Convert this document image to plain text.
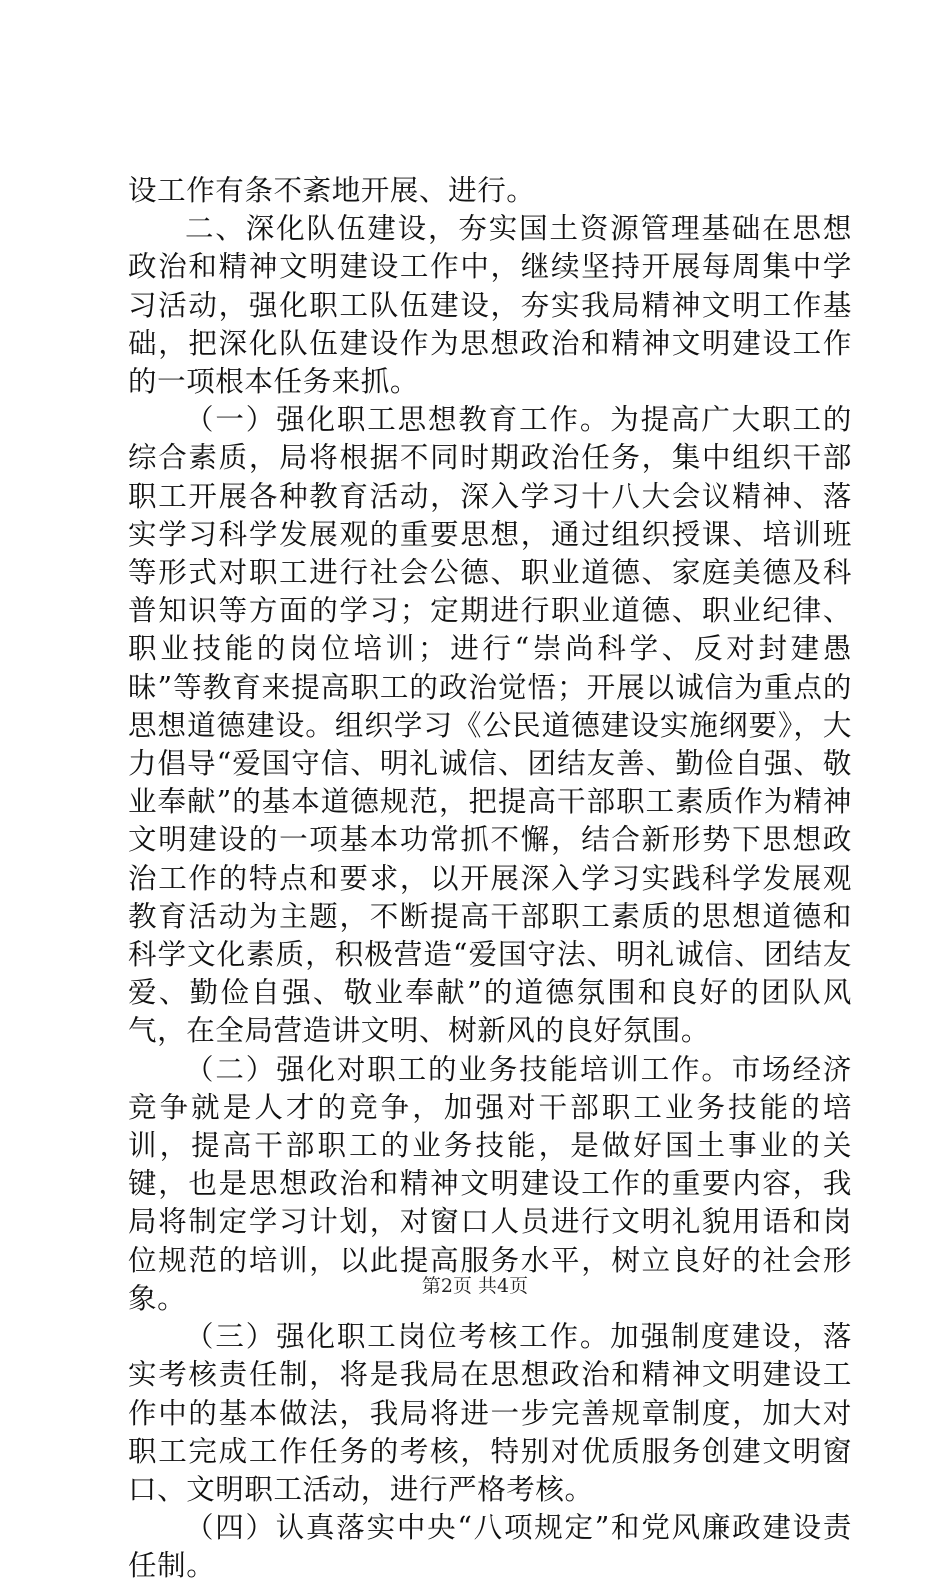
设工作有条不紊地开展、进行。

二、深化队伍建设，夯实国土资源管理基础在思想政治和精神文明建设工作中，继续坚持开展每周集中学习活动，强化职工队伍建设，夯实我局精神文明工作基础，把深化队伍建设作为思想政治和精神文明建设工作的一项根本任务来抓。

（一）强化职工思想教育工作。为提高广大职工的综合素质，局将根据不同时期政治任务，集中组织干部职工开展各种教育活动，深入学习十八大会议精神、落实学习科学发展观的重要思想，通过组织授课、培训班等形式对职工进行社会公德、职业道德、家庭美德及科普知识等方面的学习；定期进行职业道德、职业纪律、职业技能的岗位培训；进行“崇尚科学、反对封建愚昧”等教育来提高职工的政治觉悟；开展以诚信为重点的思想道德建设。组织学习《公民道德建设实施纲要》，大力倡导“爱国守信、明礼诚信、团结友善、勤俭自强、敬业奉献”的基本道德规范，把提高干部职工素质作为精神文明建设的一项基本功常抓不懈，结合新形势下思想政治工作的特点和要求，以开展深入学习实践科学发展观教育活动为主题，不断提高干部职工素质的思想道德和科学文化素质，积极营造“爱国守法、明礼诚信、团结友爱、勤俭自强、敬业奉献”的道德氛围和良好的团队风气，在全局营造讲文明、树新风的良好氛围。

（二）强化对职工的业务技能培训工作。市场经济竞争就是人才的竞争，加强对干部职工业务技能的培训，提高干部职工的业务技能，是做好国土事业的关键，也是思想政治和精神文明建设工作的重要内容，我局将制定学习计划，对窗口人员进行文明礼貌用语和岗位规范的培训，以此提高服务水平，树立良好的社会形象。

（三）强化职工岗位考核工作。加强制度建设，落实考核责任制，将是我局在思想政治和精神文明建设工作中的基本做法，我局将进一步完善规章制度，加大对职工完成工作任务的考核，特别对优质服务创建文明窗口、文明职工活动，进行严格考核。

（四）认真落实中央“八项规定”和党风廉政建设责任制。

第2页 共4页
